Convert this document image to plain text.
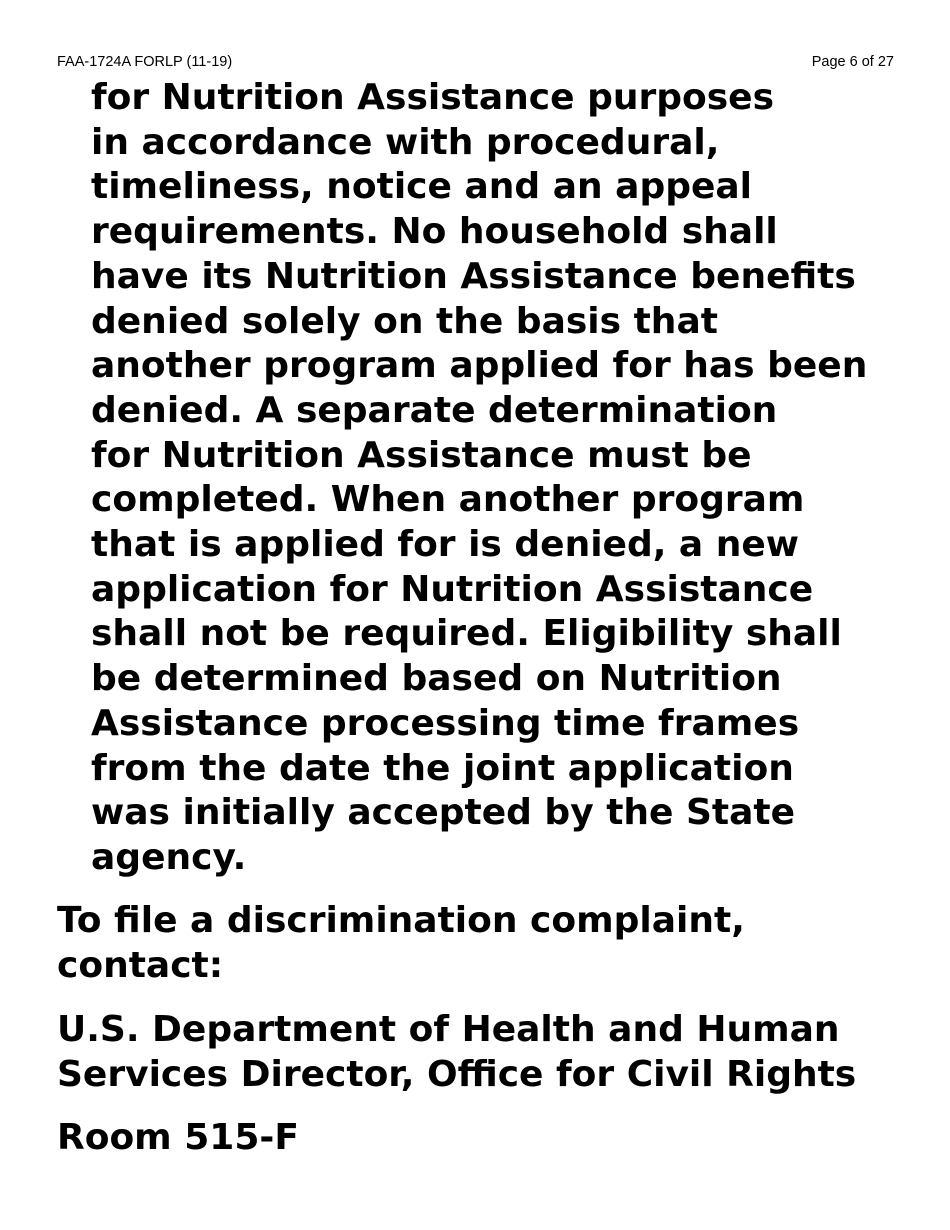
FAA-1724A FORLP (11-19)	Page 6 of 27
for Nutrition Assistance purposes
in accordance with procedural,
timeliness, notice and an appeal
requirements. No household shall
have its Nutrition Assistance benefits
denied solely on the basis that
another program applied for has been
denied. A separate determination
for Nutrition Assistance must be
completed. When another program
that is applied for is denied, a new
application for Nutrition Assistance
shall not be required. Eligibility shall
be determined based on Nutrition
Assistance processing time frames
from the date the joint application
was initially accepted by the State
agency.
To file a discrimination complaint,
contact:
U.S. Department of Health and Human
Services Director, Office for Civil Rights
Room 515-F
